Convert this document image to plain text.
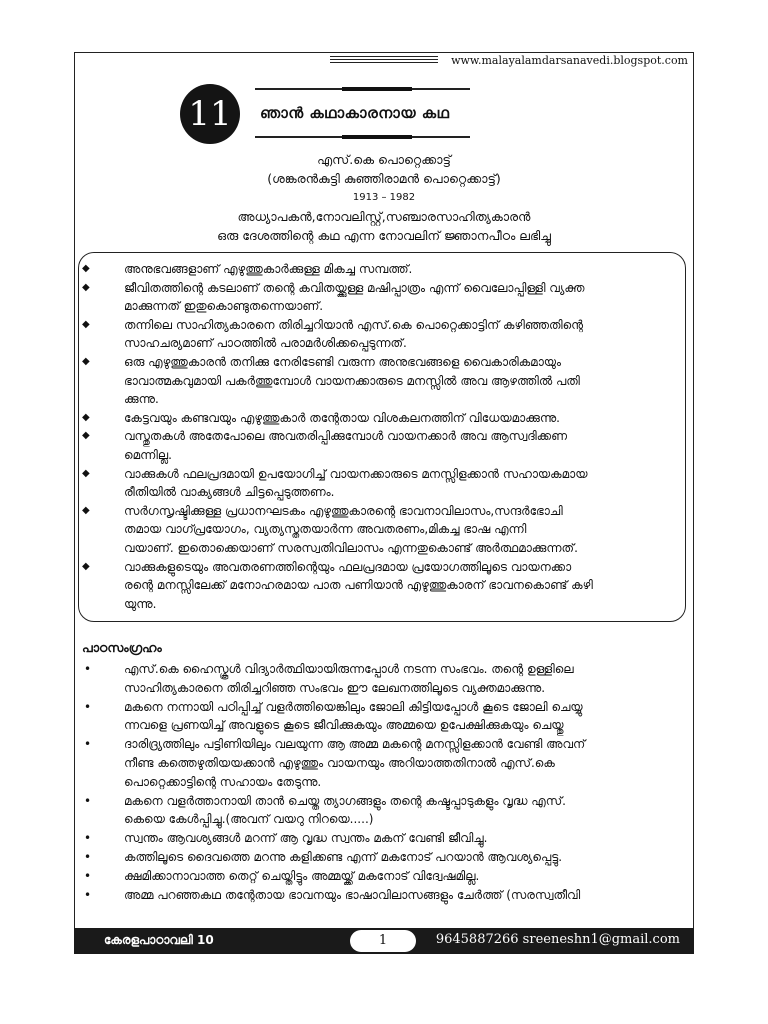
www.malayalamdarsanavedi.blogspot.com
11	ഞാൻ കഥാകാരനായ കഥ
എസ്.കെ പൊറ്റെക്കാട്ട്
(ശങ്കരൻകുട്ടി കുഞ്ഞിരാമൻ പൊറ്റെക്കാട്ട്)
1913 – 1982
അധ്യാപകൻ,നോവലിസ്റ്റ്,സഞ്ചാരസാഹിത്യകാരൻ
ഒരു ദേശത്തിന്റെ കഥ എന്ന നോവലിന് ജ്ഞാനപീഠം ലഭിച്ചു
◆	അനുഭവങ്ങളാണ് എഴുത്തുകാർക്കുള്ള മികച്ച സമ്പത്ത്.
◆	ജീവിതത്തിന്റെ കടലാണ് തന്റെ കവിതയ്ക്കുള്ള മഷിപ്പാത്രം എന്ന് വൈലോപ്പിള്ളി വ്യക്ത
മാക്കുന്നത് ഇതുകൊണ്ടുതന്നെയാണ്.
◆	തന്നിലെ സാഹിത്യകാരനെ തിരിച്ചറിയാൻ എസ്.കെ പൊറ്റെക്കാട്ടിന് കഴിഞ്ഞതിന്റെ
സാഹചര്യമാണ് പാഠത്തിൽ പരാമർശിക്കപ്പെടുന്നത്.
◆	ഒരു എഴുത്തുകാരൻ തനിക്കു നേരിടേണ്ടി വരുന്ന അനുഭവങ്ങളെ വൈകാരികമായും
ഭാവാത്മകവുമായി പകർത്തുമ്പോൾ വായനക്കാരുടെ മനസ്സിൽ അവ ആഴത്തിൽ പതി
ക്കുന്നു.
◆	കേട്ടവയും കണ്ടവയും എഴുത്തുകാർ തന്റേതായ വിശകലനത്തിന് വിധേയമാക്കുന്നു.
◆	വസ്തുതകൾ അതേപോലെ അവതരിപ്പിക്കുമ്പോൾ വായനക്കാർ അവ ആസ്വദിക്കണ
മെന്നില്ല.
◆	വാക്കുകൾ ഫലപ്രദമായി ഉപയോഗിച്ച് വായനക്കാരുടെ മനസ്സിളക്കാൻ സഹായകമായ
രീതിയിൽ വാക്യങ്ങൾ ചിട്ടപ്പെടുത്തണം.
◆	സർഗസൃഷ്ടിക്കുള്ള പ്രധാനഘടകം എഴുത്തുകാരന്റെ ഭാവനാവിലാസം,സന്ദർഭോചി
തമായ വാഗ്പ്രയോഗം, വ്യത്യസ്തതയാർന്ന അവതരണം,മികച്ച ഭാഷ എന്നി
വയാണ്. ഇതൊക്കെയാണ് സരസ്വതിവിലാസം എന്നതുകൊണ്ട് അർത്ഥമാക്കുന്നത്.
◆	വാക്കുകളുടെയും അവതരണത്തിന്റെയും ഫലപ്രദമായ പ്രയോഗത്തിലൂടെ വായനക്കാ
രന്റെ മനസ്സിലേക്ക് മനോഹരമായ പാത പണിയാൻ എഴുത്തുകാരന് ഭാവനകൊണ്ട് കഴി
യുന്നു.
പാഠസംഗ്രഹം
•	എസ്.കെ ഹൈസ്കൂൾ വിദ്യാർത്ഥിയായിരുന്നപ്പോൾ നടന്ന സംഭവം. തന്റെ ഉള്ളിലെ
സാഹിത്യകാരനെ തിരിച്ചറിഞ്ഞ സംഭവം ഈ ലേഖനത്തിലൂടെ വ്യക്തമാക്കുന്നു.
•	മകനെ നന്നായി പഠിപ്പിച്ച് വളർത്തിയെങ്കിലും ജോലി കിട്ടിയപ്പോൾ കൂടെ ജോലി ചെയ്യു
ന്നവളെ പ്രണയിച്ച് അവളുടെ കൂടെ ജീവിക്കുകയും അമ്മയെ ഉപേക്ഷിക്കുകയും ചെയ്തു
•	ദാരിദ്ര്യത്തിലും പട്ടിണിയിലും വലയുന്ന ആ അമ്മ മകന്റെ മനസ്സിളക്കാൻ വേണ്ടി അവന്
നീണ്ട കത്തെഴുതിയയക്കാൻ എഴുത്തും വായനയും അറിയാത്തതിനാൽ എസ്.കെ
പൊറ്റെക്കാട്ടിന്റെ സഹായം തേടുന്നു.
•	മകനെ വളർത്താനായി താൻ ചെയ്ത ത്യാഗങ്ങളും തന്റെ കഷ്ടപ്പാടുകളും വൃദ്ധ എസ്.
കെയെ കേൾപ്പിച്ചു.(അവന് വയറു നിറയെ.....)
•	സ്വന്തം ആവശ്യങ്ങൾ മറന്ന് ആ വൃദ്ധ സ്വന്തം മകന് വേണ്ടി ജീവിച്ചു.
•	കത്തിലൂടെ ദൈവത്തെ മറന്നു കളിക്കണ്ട എന്ന് മകനോട് പറയാൻ ആവശ്യപ്പെട്ടു.
•	ക്ഷമിക്കാനാവാത്ത തെറ്റ് ചെയ്തിട്ടും അമ്മയ്ക്ക് മകനോട് വിദ്വേഷമില്ല.
•	അമ്മ പറഞ്ഞകഥ തന്റേതായ ഭാവനയും ഭാഷാവിലാസങ്ങളും ചേർത്ത് (സരസ്വതീവി
കേരളപാഠാവലി 10	1	9645887266 sreeneshn1@gmail.com
